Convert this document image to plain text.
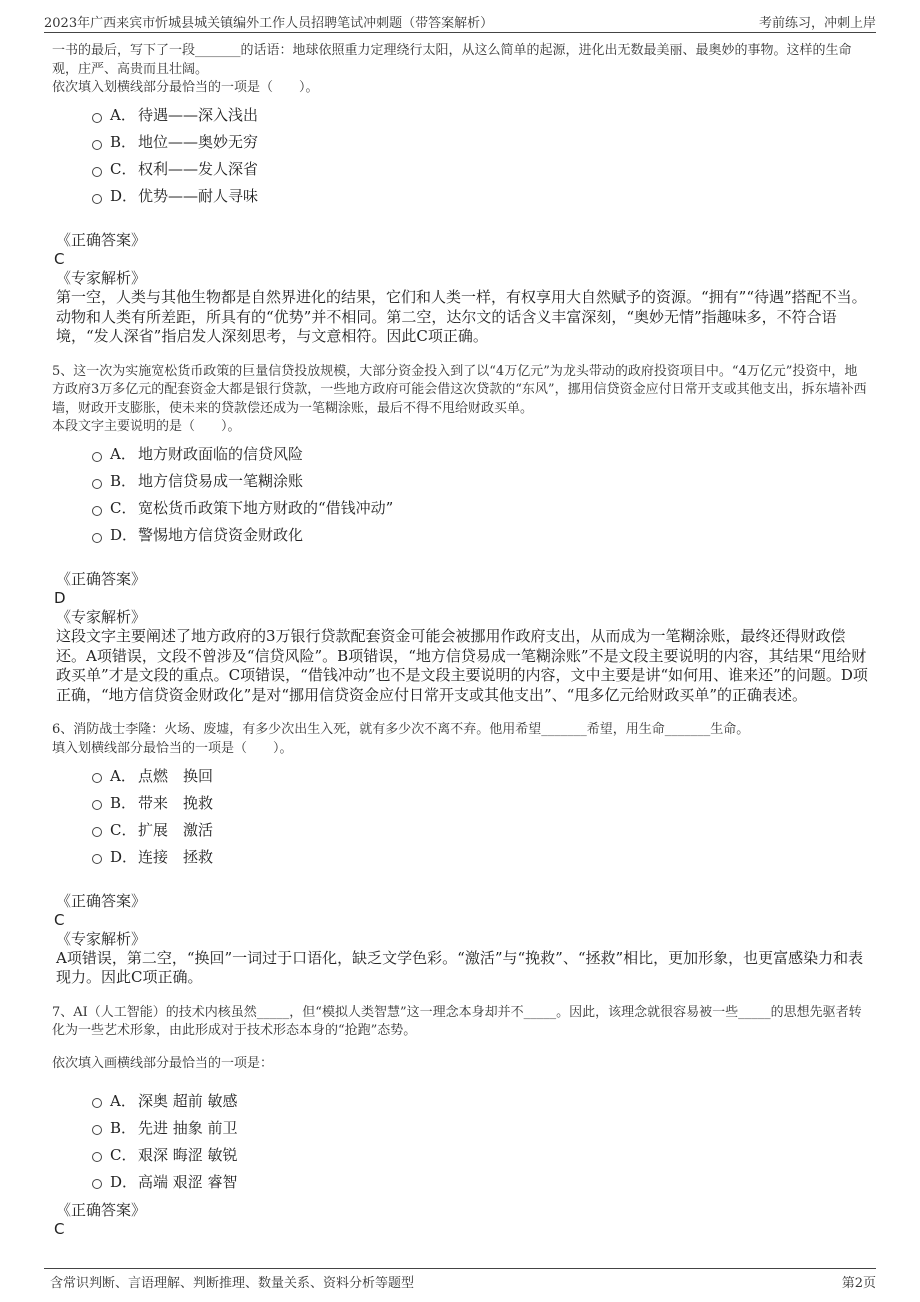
2023年广西来宾市忻城县城关镇编外工作人员招聘笔试冲刺题（带答案解析）	考前练习，冲刺上岸

一书的最后，写下了一段_______的话语：地球依照重力定理绕行太阳，从这么简单的起源，进化出无数最美丽、最奥妙的事物。这样的生命观，庄严、高贵而且壮阔。

依次填入划横线部分最恰当的一项是（　　）。

A． 待遇——深入浅出
B． 地位——奥妙无穷
C． 权利——发人深省
D． 优势——耐人寻味

《正确答案》

C

《专家解析》

第一空，人类与其他生物都是自然界进化的结果，它们和人类一样，有权享用大自然赋予的资源。“拥有”“待遇”搭配不当。动物和人类有所差距，所具有的“优势”并不相同。第二空，达尔文的话含义丰富深刻，“奥妙无情”指趣味多，不符合语境，“发人深省”指启发人深刻思考，与文意相符。因此C项正确。

5、这一次为实施宽松货币政策的巨量信贷投放规模，大部分资金投入到了以“4万亿元”为龙头带动的政府投资项目中。“4万亿元”投资中，地方政府3万多亿元的配套资金大都是银行贷款，一些地方政府可能会借这次贷款的“东风”，挪用信贷资金应付日常开支或其他支出，拆东墙补西墙，财政开支膨胀，使未来的贷款偿还成为一笔糊涂账，最后不得不甩给财政买单。

本段文字主要说明的是（　　）。

A． 地方财政面临的信贷风险
B． 地方信贷易成一笔糊涂账
C． 宽松货币政策下地方财政的“借钱冲动”
D． 警惕地方信贷资金财政化

《正确答案》

D

《专家解析》

这段文字主要阐述了地方政府的3万银行贷款配套资金可能会被挪用作政府支出，从而成为一笔糊涂账，最终还得财政偿还。A项错误，文段不曾涉及“信贷风险”。B项错误，“地方信贷易成一笔糊涂账”不是文段主要说明的内容，其结果“甩给财政买单”才是文段的重点。C项错误，“借钱冲动”也不是文段主要说明的内容，文中主要是讲“如何用、谁来还”的问题。D项正确，“地方信贷资金财政化”是对“挪用信贷资金应付日常开支或其他支出”、“甩多亿元给财政买单”的正确表述。

6、消防战士李隆：火场、废墟，有多少次出生入死，就有多少次不离不弃。他用希望_______希望，用生命_______生命。

填入划横线部分最恰当的一项是（　　）。

A． 点燃　换回
B． 带来　挽救
C． 扩展　激活
D． 连接　拯救

《正确答案》

C

《专家解析》

A项错误，第二空，“换回”一词过于口语化，缺乏文学色彩。“激活”与“挽救”、“拯救”相比，更加形象，也更富感染力和表现力。因此C项正确。

7、AI（人工智能）的技术内核虽然_____，但“模拟人类智慧”这一理念本身却并不_____。因此，该理念就很容易被一些_____的思想先驱者转化为一些艺术形象，由此形成对于技术形态本身的“抢跑”态势。

依次填入画横线部分最恰当的一项是：

A． 深奥 超前 敏感
B． 先进 抽象 前卫
C． 艰深 晦涩 敏锐
D． 高端 艰涩 睿智

《正确答案》

C

含常识判断、言语理解、判断推理、数量关系、资料分析等题型	第2页
